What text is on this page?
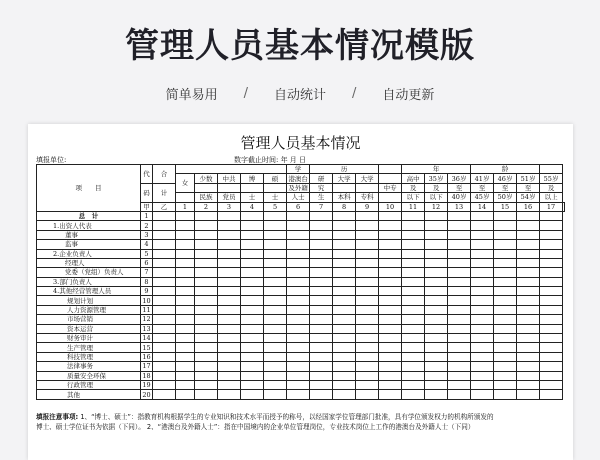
管理人员基本情况模版
简单易用 / 自动统计 / 自动更新
管理人员基本情况
填报单位:	数字截止时间: 年 月 日
项　　目	代	合						学	历				年			龄				
			女	少数	中共	博	硕	港澳台	研	大学	大学		高中	35岁	36岁	41岁	46岁	51岁	55岁	
	码	计						及外籍	究			中专	及	及	至	至	至	至	及	
				民族	党员	士	士	人士	生	本科	专科		以下	以下	40岁	45岁	50岁	54岁	以上	
	甲	乙	1	2	3	4	5	6	7	8	9	10	11	12	13	14	15	16	17	
总　计	1																			
1.出资人代表	2																			
董事	3																			
监事	4																			
2.企业负责人	5																			
经理人	6																			
党委（党组）负责人	7																			
3.部门负责人	8																			
4.其他经营管理人员	9																			
规划计划	10																			
人力资源管理	11																			
市场营销	12																			
资本运营	13																			
财务审计	14																			
生产管理	15																			
科技管理	16																			
法律事务	17																			
质量安全环保	18																			
行政管理	19																			
其他	20																			
填报注意事项: 1、“博士、硕士”：指教育机构根据学生的专业知识和技术水平而授予的称号，以经国家学位管理部门批准，具有学位颁发权力的机构所颁发的
博士、硕士学位证书为依据（下同）。 2、“港澳台及外籍人士”：指在中国境内的企业单位管理岗位，专业技术岗位上工作的港澳台及外籍人士（下同）
